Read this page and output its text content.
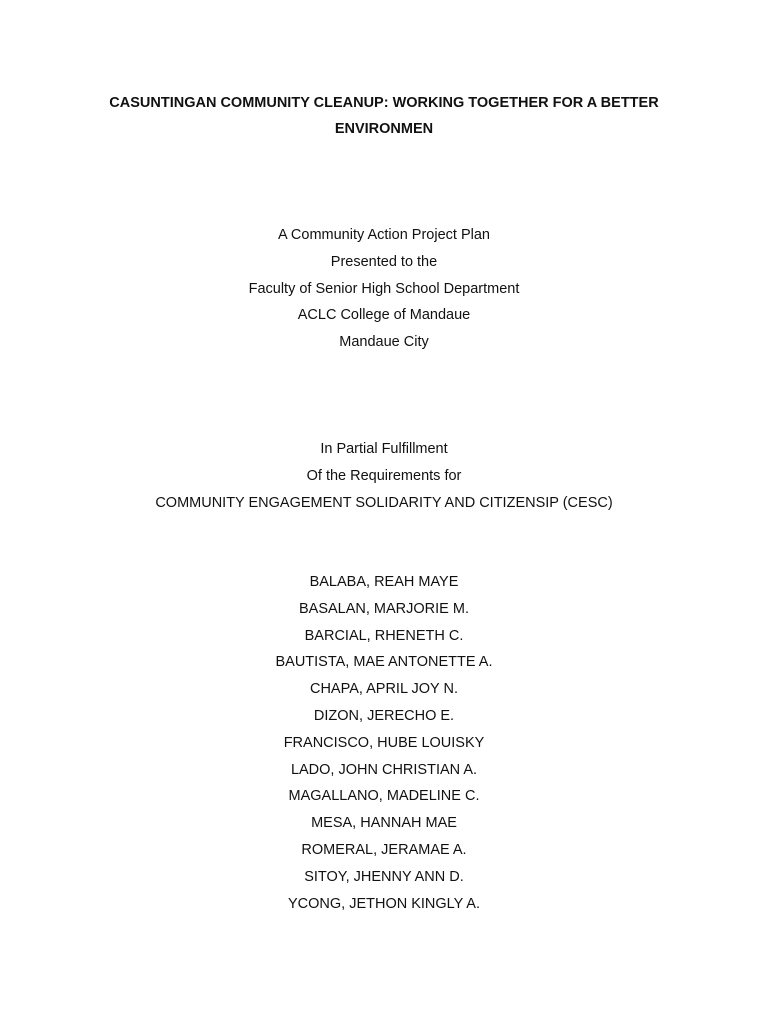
CASUNTINGAN COMMUNITY CLEANUP: WORKING TOGETHER FOR A BETTER ENVIRONMEN
A Community Action Project Plan
Presented to the
Faculty of Senior High School Department
ACLC College of Mandaue
Mandaue City
In Partial Fulfillment
Of the Requirements for
COMMUNITY ENGAGEMENT SOLIDARITY AND CITIZENSIP (CESC)
BALABA, REAH MAYE
BASALAN, MARJORIE M.
BARCIAL, RHENETH C.
BAUTISTA, MAE ANTONETTE A.
CHAPA, APRIL JOY N.
DIZON, JERECHO E.
FRANCISCO, HUBE LOUISKY
LADO, JOHN CHRISTIAN A.
MAGALLANO, MADELINE C.
MESA, HANNAH MAE
ROMERAL, JERAMAE A.
SITOY, JHENNY ANN D.
YCONG, JETHON KINGLY A.
